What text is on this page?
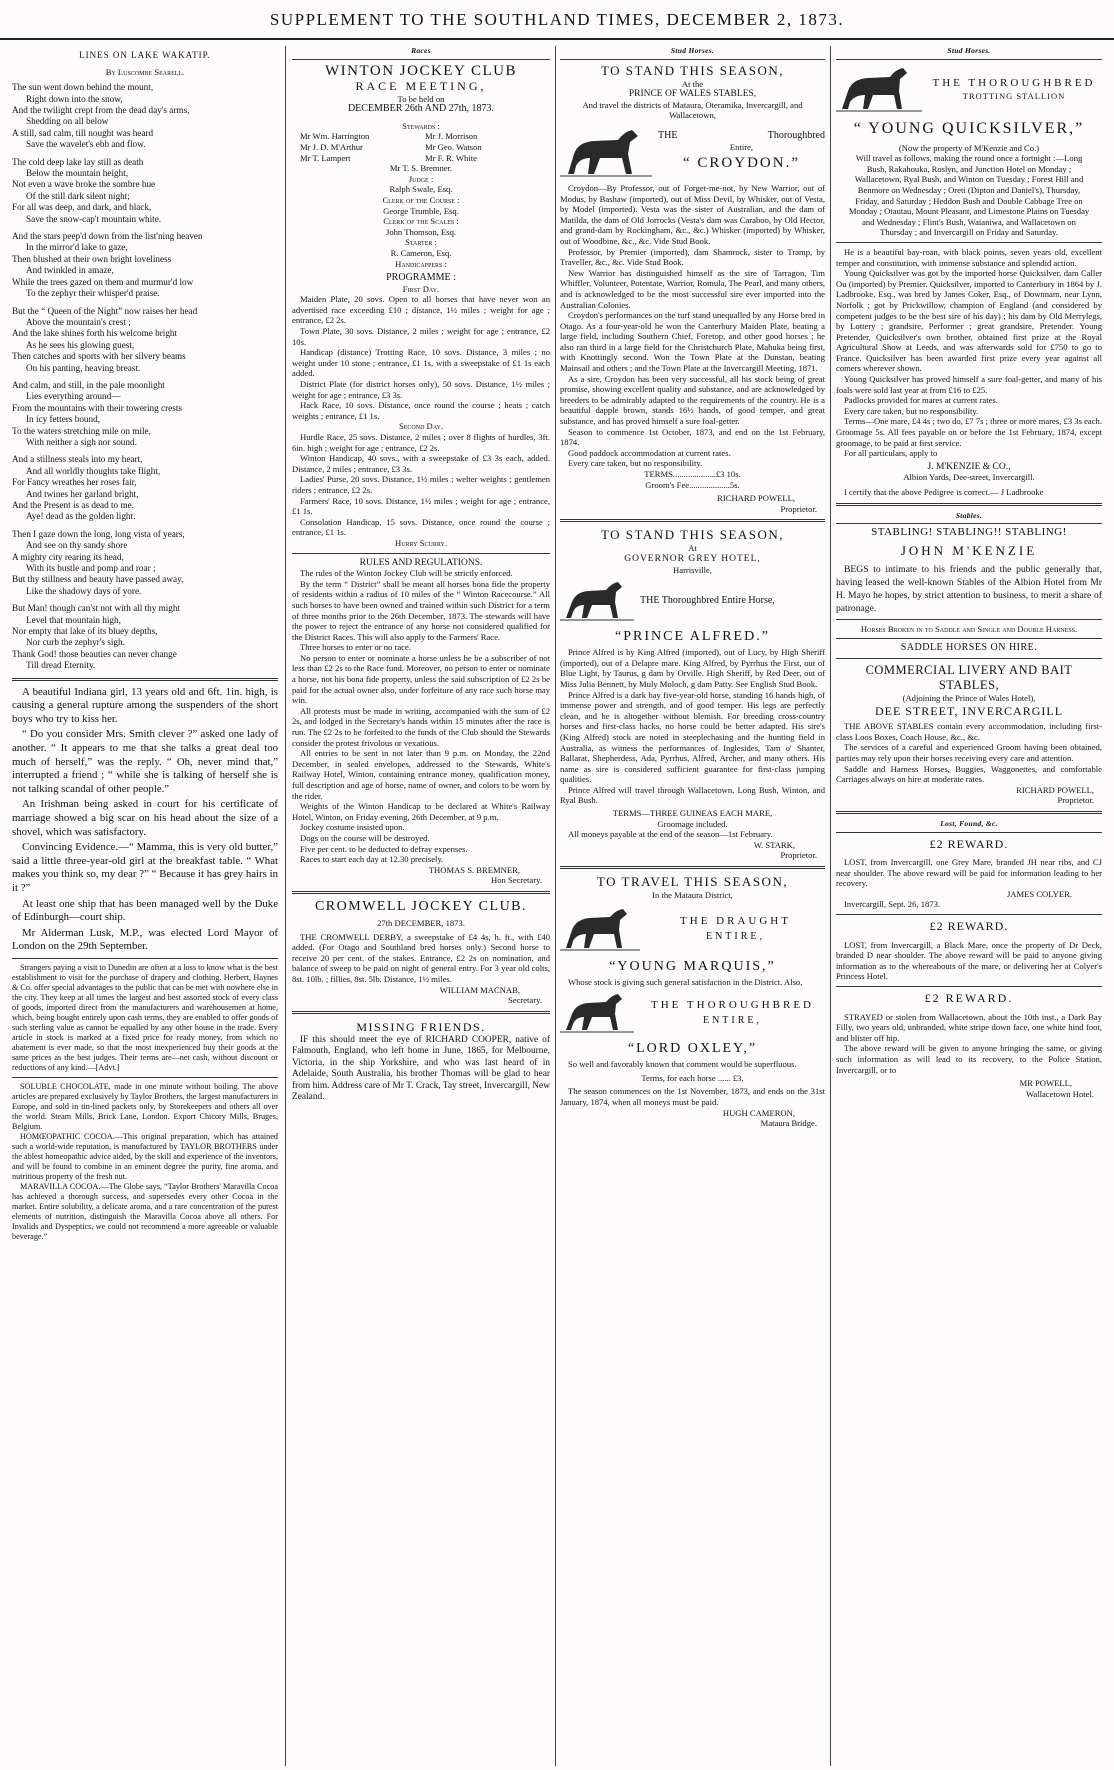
SUPPLEMENT TO THE SOUTHLAND TIMES, DECEMBER 2, 1873.
LINES ON LAKE WAKATIP.
By Luscombe Searell.
The sun went down behind the mount,
Right down into the snow,
And the twilight crept from the dead day's arms,
Shedding on all below
A still, sad calm, till nought was heard
Save the wavelet's ebb and flow.
The cold deep lake lay still as death
Below the mountain height,
Not even a wave broke the sombre hue
Of the still dark silent night;
For all was deep, and dark, and black,
Save the snow-cap't mountain white.
And the stars peep'd down from the list'ning heaven
In the mirror'd lake to gaze,
Then blushed at their own bright loveliness
And twinkled in amaze,
While the trees gazed on them and murmur'd low
To the zephyr their whisper'd praise.
But the “ Queen of the Night” now raises her head
Above the mountain's crest ;
And the lake shines forth his welcome bright
As he sees his glowing guest,
Then catches and sports with her silvery beams
On his panting, heaving breast.
And calm, and still, in the pale moonlight
Lies everything around—
From the mountains with their towering crests
In icy fetters bound,
To the waters stretching mile on mile,
With neither a sigh nor sound.
And a stillness steals into my heart,
And all worldly thoughts take flight,
For Fancy wreathes her roses fair,
And twines her garland bright,
And the Present is as dead to me.
Aye! dead as the golden light.
Then I gaze down the long, long vista of years,
And see on thy sandy shore
A mighty city rearing its head,
With its bustle and pomp and roar ;
But thy stillness and beauty have passed away,
Like the shadowy days of yore.
But Man! though can'st not with all thy might
Level that mountain high,
Nor empty that lake of its bluey depths,
Nor curb the zephyr's sigh.
Thank God! those beauties can never change
Till dread Eternity.
A beautiful Indiana girl, 13 years old and 6ft. 1in. high, is causing a general rupture among the suspenders of the short boys who try to kiss her.
“ Do you consider Mrs. Smith clever ?” asked one lady of another. “ It appears to me that she talks a great deal too much of herself,” was the reply. “ Oh, never mind that,” interrupted a friend ; “ while she is talking of herself she is not talking scandal of other people.”
An Irishman being asked in court for his certificate of marriage showed a big scar on his head about the size of a shovel, which was satisfactory.
Convincing Evidence.—“ Mamma, this is very old butter,” said a little three-year-old girl at the breakfast table. “ What makes you think so, my dear ?” “ Because it has grey hairs in it ?”
At least one ship that has been managed well by the Duke of Edinburgh—court ship.
Mr Alderman Lusk, M.P., was elected Lord Mayor of London on the 29th September.
Strangers paying a visit to Dunedin are often at a loss to know what is the best establishment to visit for the purchase of drapery and clothing. Herbert, Haynes & Co. offer special advantages to the public that can be met with nowhere else in the city. They keep at all times the largest and best assorted stock of every class of goods, imported direct from the manufacturers and warehousemen at home, which, being bought entirely upon cash terms, they are enabled to offer goods of such sterling value as cannot be equalled by any other house in the trade. Every article in stock is marked at a fixed price for ready money, from which no abatement is ever made, so that the most inexperienced buy their goods at the same prices as the best judges. Their terms are—net cash, without discount or reductions of any kind.—[Advt.]
SOLUBLE CHOCOLATE, made in one minute without boiling. The above articles are prepared exclusively by Taylor Brothers, the largest manufacturers in Europe, and sold in tin-lined packets only, by Storekeepers and others all over the world. Steam Mills, Brick Lane, London. Export Chicory Mills, Bruges, Belgium.
HOMŒOPATHIC COCOA.—This original preparation, which has attained such a world-wide reputation, is manufactured by TAYLOR BROTHERS under the ablest homeopathic advice aided, by the skill and experience of the inventors, and will be found to combine in an eminent degree the purity, fine aroma, and nutritious property of the fresh nut.
MARAVILLA COCOA.—The Globe says, “Taylor Brothers' Maravilla Cocoa has achieved a thorough success, and supersedes every other Cocoa in the market. Entire solubility, a delicate aroma, and a rare concentration of the purest elements of nutrition, distinguish the Maravilla Cocoa above all others. For Invalids and Dyspeptics, we could not recommend a more agreeable or valuable beverage.”
Races
WINTON JOCKEY CLUB
RACE MEETING,
To be held on
DECEMBER 26th AND 27th, 1873.
Stewards :
Mr Wm. Harrington	Mr J. Morrison
Mr J. D. M'Arthur	Mr Geo. Watson
Mr T. Lampert	Mr F. R. White
Mr T. S. Bremner.
Judge :
Ralph Swale, Esq.
Clerk of the Course :
George Trumble, Esq.
Clerk of the Scales :
John Thomson, Esq.
Starter :
R. Cameron, Esq.
Handicappers :
PROGRAMME :
First Day.
Maiden Plate, 20 sovs. Open to all horses that have never won an advertised race exceeding £10 ; distance, 1½ miles ; weight for age ; entrance, £2 2s.
Town Plate, 30 sovs. Distance, 2 miles ; weight for age ; entrance, £2 10s.
Handicap (distance) Trotting Race, 10 sovs. Distance, 3 miles ; no weight under 10 stone ; entrance, £1 1s, with a sweepstake of £1 1s each added.
District Plate (for district horses only), 50 sovs. Distance, 1½ miles ; weight for age ; entrance, £3 3s.
Hack Race, 10 sovs. Distance, once round the course ; heats ; catch weights ; entrance, £1 1s.
Second Day.
Hurdle Race, 25 sovs. Distance, 2 miles ; over 8 flights of hurdles, 3ft. 6in. high ; weight for age ; entrance, £2 2s.
Winton Handicap, 40 sovs., with a sweepstake of £3 3s each, added. Distance, 2 miles ; entrance, £3 3s.
Ladies' Purse, 20 sovs. Distance, 1½ miles ; welter weights ; gentlemen riders ; entrance, £2 2s.
Farmers' Race, 10 sovs. Distance, 1½ miles ; weight for age ; entrance, £1 1s.
Consolation Handicap, 15 sovs. Distance, once round the course ; entrance, £1 1s.
Hurry Scurry.
RULES AND REGULATIONS.
The rules of the Winton Jockey Club will be strictly enforced.
By the term “ District” shall be meant all horses bona fide the property of residents within a radius of 10 miles of the “ Winton Racecourse.” All such horses to have been owned and trained within such District for a term of three months prior to the 26th December, 1873. The stewards will have the power to reject the entrance of any horse not considered qualified for the District Races. This will also apply to the Farmers' Race.
Three horses to enter or no race.
No person to enter or nominate a horse unless he be a subscriber of not less than £2 2s to the Race fund. Moreover, no person to enter or nominate a horse, not his bona fide property, unless the said subscription of £2 2s be paid for the actual owner also, under forfeiture of any race such horse may win.
All protests must be made in writing, accompanied with the sum of £2 2s, and lodged in the Secretary's hands within 15 minutes after the race is run. The £2 2s to be forfeited to the funds of the Club should the Stewards consider the protest frivolous or vexatious.
All entries to be sent in not later than 9 p.m. on Monday, the 22nd December, in sealed envelopes, addressed to the Stewards, White's Railway Hotel, Winton, containing entrance money, qualification money, full description and age of horse, name of owner, and colors to be worn by the rider.
Weights of the Winton Handicap to be declared at White's Railway Hotel, Winton, on Friday evening, 26th December, at 9 p.m.
Jockey costume insisted upon.
Dogs on the course will be destroyed.
Five per cent. to be deducted to defray expenses.
Races to start each day at 12.30 precisely.
THOMAS S. BREMNER,
Hon Secretary.
CROMWELL JOCKEY CLUB.
27th DECEMBER, 1873.
THE CROMWELL DERBY, a sweepstake of £4 4s, h. ft., with £40 added. (For Otago and Southland bred horses only.) Second horse to receive 20 per cent. of the stakes. Entrance, £2 2s on nomination, and balance of sweep to be paid on night of general entry. For 3 year old colts, 8st. 10lb. ; fillies, 8st. 5lb. Distance, 1½ miles.
WILLIAM MACNAB,
Secretary.
MISSING FRIENDS.
IF this should meet the eye of RICHARD COOPER, native of Falmouth, England, who left home in June, 1865, for Melbourne, Victoria, in the ship Yorkshire, and who was last heard of in Adelaide, South Australia, his brother Thomas will be glad to hear from him. Address care of Mr T. Crack, Tay street, Invercargill, New Zealand.
Stud Horses.
TO STAND THIS SEASON,
At the
PRINCE OF WALES STABLES,
And travel the districts of Mataura, Oteramika, Invercargill, and Wallacetown,
THE	Thoroughbred
Entire,
“ CROYDON.”
Croydon—By Professor, out of Forget-me-not, by New Warrior, out of Modus, by Bashaw (imported), out of Miss Devil, by Whisker, out of Vesta, by Model (imported). Vesta was the sister of Australian, and the dam of Matilda, the dam of Old Jorrocks (Vesta's dam was Caraboo, by Old Hector, and grand-dam by Rockingham, &c., &c.) Whisker (imported) by Whisker, out of Woodbine, &c., &c. Vide Stud Book.
Professor, by Premier (imported), dam Shamrock, sister to Tramp, by Traveller, &c., &c. Vide Stud Book.
New Warrior has distinguished himself as the sire of Tarragon, Tim Whiffler, Volunteer, Potentate, Warrior, Romula, The Pearl, and many others, and is acknowledged to be the most successful sire ever imported into the Australian Colonies.
Croydon's performances on the turf stand unequalled by any Horse bred in Otago. As a four-year-old he won the Canterbury Maiden Plate, beating a large field, including Southern Chief, Foretop, and other good horses ; he also ran third in a large field for the Christchurch Plate, Mahuka being first, with Knottingly second. Won the Town Plate at the Dunstan, beating Mainsail and others ; and the Town Plate at the Invercargill Meeting, 1871.
As a sire, Croydon has been very successful, all his stock being of great promise, showing excellent quality and substance, and are acknowledged by breeders to be admirably adapted to the requirements of the country. He is a beautiful dapple brown, stands 16½ hands, of good temper, and great substance, and has proved himself a sure foal-getter.
Season to commence 1st October, 1873, and end on the 1st February, 1874.
Good paddock accommodation at current rates.
Every care taken, but no responsibility.
TERMS....................£3 10s.
Groom's Fee...................5s.
RICHARD POWELL,
Proprietor.
TO STAND THIS SEASON,
At
GOVERNOR GREY HOTEL,
Harrisville,
THE Thoroughbred Entire Horse,
“PRINCE ALFRED.”
Prince Alfred is by King Alfred (imported), out of Lucy, by High Sheriff (imported), out of a Delapre mare. King Alfred, by Pyrrhus the First, out of Blue Light, by Taurus, g dam by Orville. High Sheriff, by Red Deer, out of Miss Julia Bennett, by Muly Moloch, g dam Patty. See English Stud Book.
Prince Alfred is a dark bay five-year-old horse, standing 16 hands high, of immense power and strength, and of good temper. His legs are perfectly clean, and he is altogether without blemish. For breeding cross-country horses and first-class hacks, no horse could be better adapted. His sire's (King Alfred) stock are noted in steeplechasing and the hunting field in Australia, as witness the performances of Inglesides, Tam o' Shanter, Ballarat, Shepherdess, Ada, Pyrrhus, Alfred, Archer, and many others. His name as sire is considered sufficient guarantee for first-class jumping qualities.
Prince Alfred will travel through Wallacetown, Long Bush, Winton, and Ryal Bush.
TERMS—THREE GUINEAS EACH MARE,
Groomage included.
All moneys payable at the end of the season—1st February.
W. STARK,
Proprietor.
TO TRAVEL THIS SEASON,
In the Mataura District,
THE DRAUGHT
ENTIRE,
“YOUNG MARQUIS,”
Whose stock is giving such general satisfaction in the District. Also,
THE THOROUGHBRED
ENTIRE,
“LORD OXLEY,”
So well and favorably known that comment would be superfluous.
Terms, for each horse ...... £3.
The season commences on the 1st November, 1873, and ends on the 31st January, 1874, when all moneys must be paid.
HUGH CAMERON,
Mataura Bridge.
Stud Horses.
THE THOROUGHBRED
TROTTING STALLION
“ YOUNG QUICKSILVER,”
(Now the property of M'Kenzie and Co.)
Will travel as follows, making the round once a fortnight :—Long Bush, Rakahouka, Roslyn, and Junction Hotel on Monday ; Wallacetown, Ryal Bush, and Winton on Tuesday ; Forest Hill and Benmore on Wednesday ; Oreti (Dipton and Daniel's), Thursday, Friday, and Saturday ; Heddon Bush and Double Cabbage Tree on Monday ; Otautau, Mount Pleasant, and Limestone Plains on Tuesday and Wednesday ; Flint's Bush, Waianiwa, and Wallacetown on Thursday ; and Invercargill on Friday and Saturday.
He is a beautiful bay-roan, with black points, seven years old, excellent temper and constitution, with immense substance and splendid action.
Young Quicksilver was got by the imported horse Quicksilver, dam Caller Ou (imported) by Premier. Quicksilver, imported to Canterbury in 1864 by J. Ladbrooke, Esq., was bred by James Coker, Esq., of Downnam, near Lynn, Norfolk ; got by Prickwillow, champion of England (and considered by competent judges to be the best sire of his day) ; his dam by Old Merrylegs, by Lottery ; grandsire, Performer ; great grandsire, Pretender. Young Pretender, Quicksilver's own brother, obtained first prize at the Royal Agricultural Show at Leeds, and was afterwards sold for £750 to go to France. Quicksilver has been awarded first prize every year against all comers wherever shown.
Young Quicksilver has proved himself a sure foal-getter, and many of his foals were sold last year at from £16 to £25.
Padlocks provided for mares at current rates.
Every care taken, but no responsibility.
Terms—One mare, £4 4s ; two do, £7 7s ; three or more mares, £3 3s each. Groomage 5s. All fees payable on or before the 1st February, 1874, except groomage, to be paid at first service.
For all particulars, apply to
J. M'KENZIE & CO.,
Albion Yards, Dee-street, Invercargill.
I certify that the above Pedigree is correct.— J Ladbrooke
Stables.
STABLING! STABLING!! STABLING!
JOHN M'KENZIE
BEGS to intimate to his friends and the public generally that, having leased the well-known Stables of the Albion Hotel from Mr H. Mayo he hopes, by strict attention to business, to merit a share of patronage.
Horses Broken in to Saddle and Single and Double Harness.
SADDLE HORSES ON HIRE.
COMMERCIAL LIVERY AND BAIT STABLES,
(Adjoining the Prince of Wales Hotel),
DEE STREET, INVERCARGILL
THE ABOVE STABLES contain every accommodation, including first-class Loos Boxes, Coach House, &c., &c.
The services of a careful and experienced Groom having been obtained, parties may rely upon their horses receiving every care and attention.
Saddle and Harness Horses, Buggies, Waggonettes, and comfortable Carriages always on hire at moderate rates.
RICHARD POWELL,
Proprietor.
Lost, Found, &c.
£2 REWARD.
LOST, from Invercargill, one Grey Mare, branded JH near ribs, and CJ near shoulder. The above reward will be paid for information leading to her recovery.
JAMES COLYER.
Invercargill, Sept. 26, 1873.
£2 REWARD.
LOST, from Invercargill, a Black Mare, once the property of Dr Deck, branded D near shoulder. The above reward will be paid to anyone giving information as to the whereabouts of the mare, or delivering her at Colyer's Princess Hotel.
£2 REWARD.
STRAYED or stolen from Wallacetown, about the 10th inst., a Dark Bay Filly, two years old, unbranded, white stripe down face, one white hind foot, and blister off hip.
The above reward will be given to anyone bringing the same, or giving such information as will lead to its recovery, to the Police Station, Invercargill, or to
MR POWELL,
Wallacetown Hotel.
